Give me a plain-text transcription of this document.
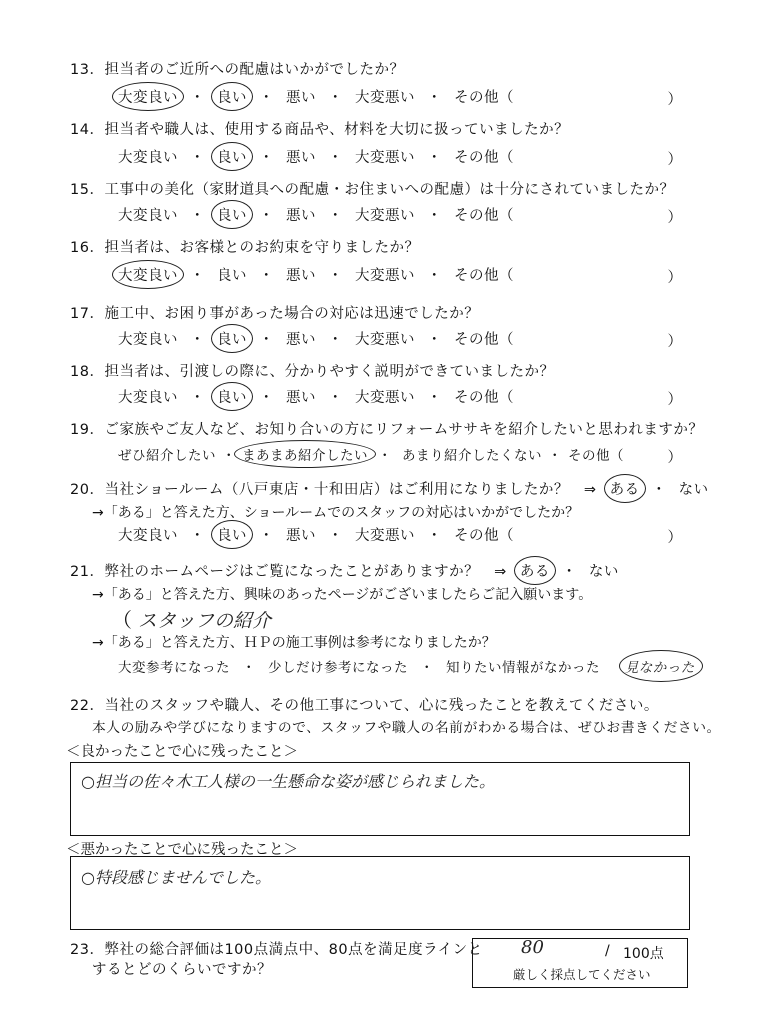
13．担当者のご近所への配慮はいかがでしたか？
大変良い ・ 良い ・ 悪い ・ 大変悪い ・ その他（	）
14．担当者や職人は、使用する商品や、材料を大切に扱っていましたか？
大変良い ・ 良い ・ 悪い ・ 大変悪い ・ その他（	）
15．工事中の美化（家財道具への配慮・お住まいへの配慮）は十分にされていましたか？
大変良い ・ 良い ・ 悪い ・ 大変悪い ・ その他（	）
16．担当者は、お客様とのお約束を守りましたか？
大変良い ・ 良い ・ 悪い ・ 大変悪い ・ その他（	）
17．施工中、お困り事があった場合の対応は迅速でしたか？
大変良い ・ 良い ・ 悪い ・ 大変悪い ・ その他（	）
18．担当者は、引渡しの際に、分かりやすく説明ができていましたか？
大変良い ・ 良い ・ 悪い ・ 大変悪い ・ その他（	）
19．ご家族やご友人など、お知り合いの方にリフォームササキを紹介したいと思われますか？
ぜひ紹介したい ・ まあまあ紹介したい ・ あまり紹介したくない ・ その他（	）
20．当社ショールーム（八戸東店・十和田店）はご利用になりましたか？　⇒ ある ・ ない
→「ある」と答えた方、ショールームでのスタッフの対応はいかがでしたか？
大変良い ・ 良い ・ 悪い ・ 大変悪い ・ その他（	）
21．弊社のホームページはご覧になったことがありますか？　⇒ ある ・ ない
→「ある」と答えた方、興味のあったページがございましたらご記入願います。
（ スタッフの紹介
→「ある」と答えた方、ＨＰの施工事例は参考になりましたか？
大変参考になった ・ 少しだけ参考になった ・ 知りたい情報がなかった 見なかった
22．当社のスタッフや職人、その他工事について、心に残ったことを教えてください。
本人の励みや学びになりますので、スタッフや職人の名前がわかる場合は、ぜひお書きください。
＜良かったことで心に残ったこと＞
○担当の佐々木工人様の一生懸命な姿が感じられました。
＜悪かったことで心に残ったこと＞
○特段感じませんでした。
23．弊社の総合評価は100点満点中、80点を満足度ラインと
するとどのくらいですか？
80	/ 100点
厳しく採点してください
